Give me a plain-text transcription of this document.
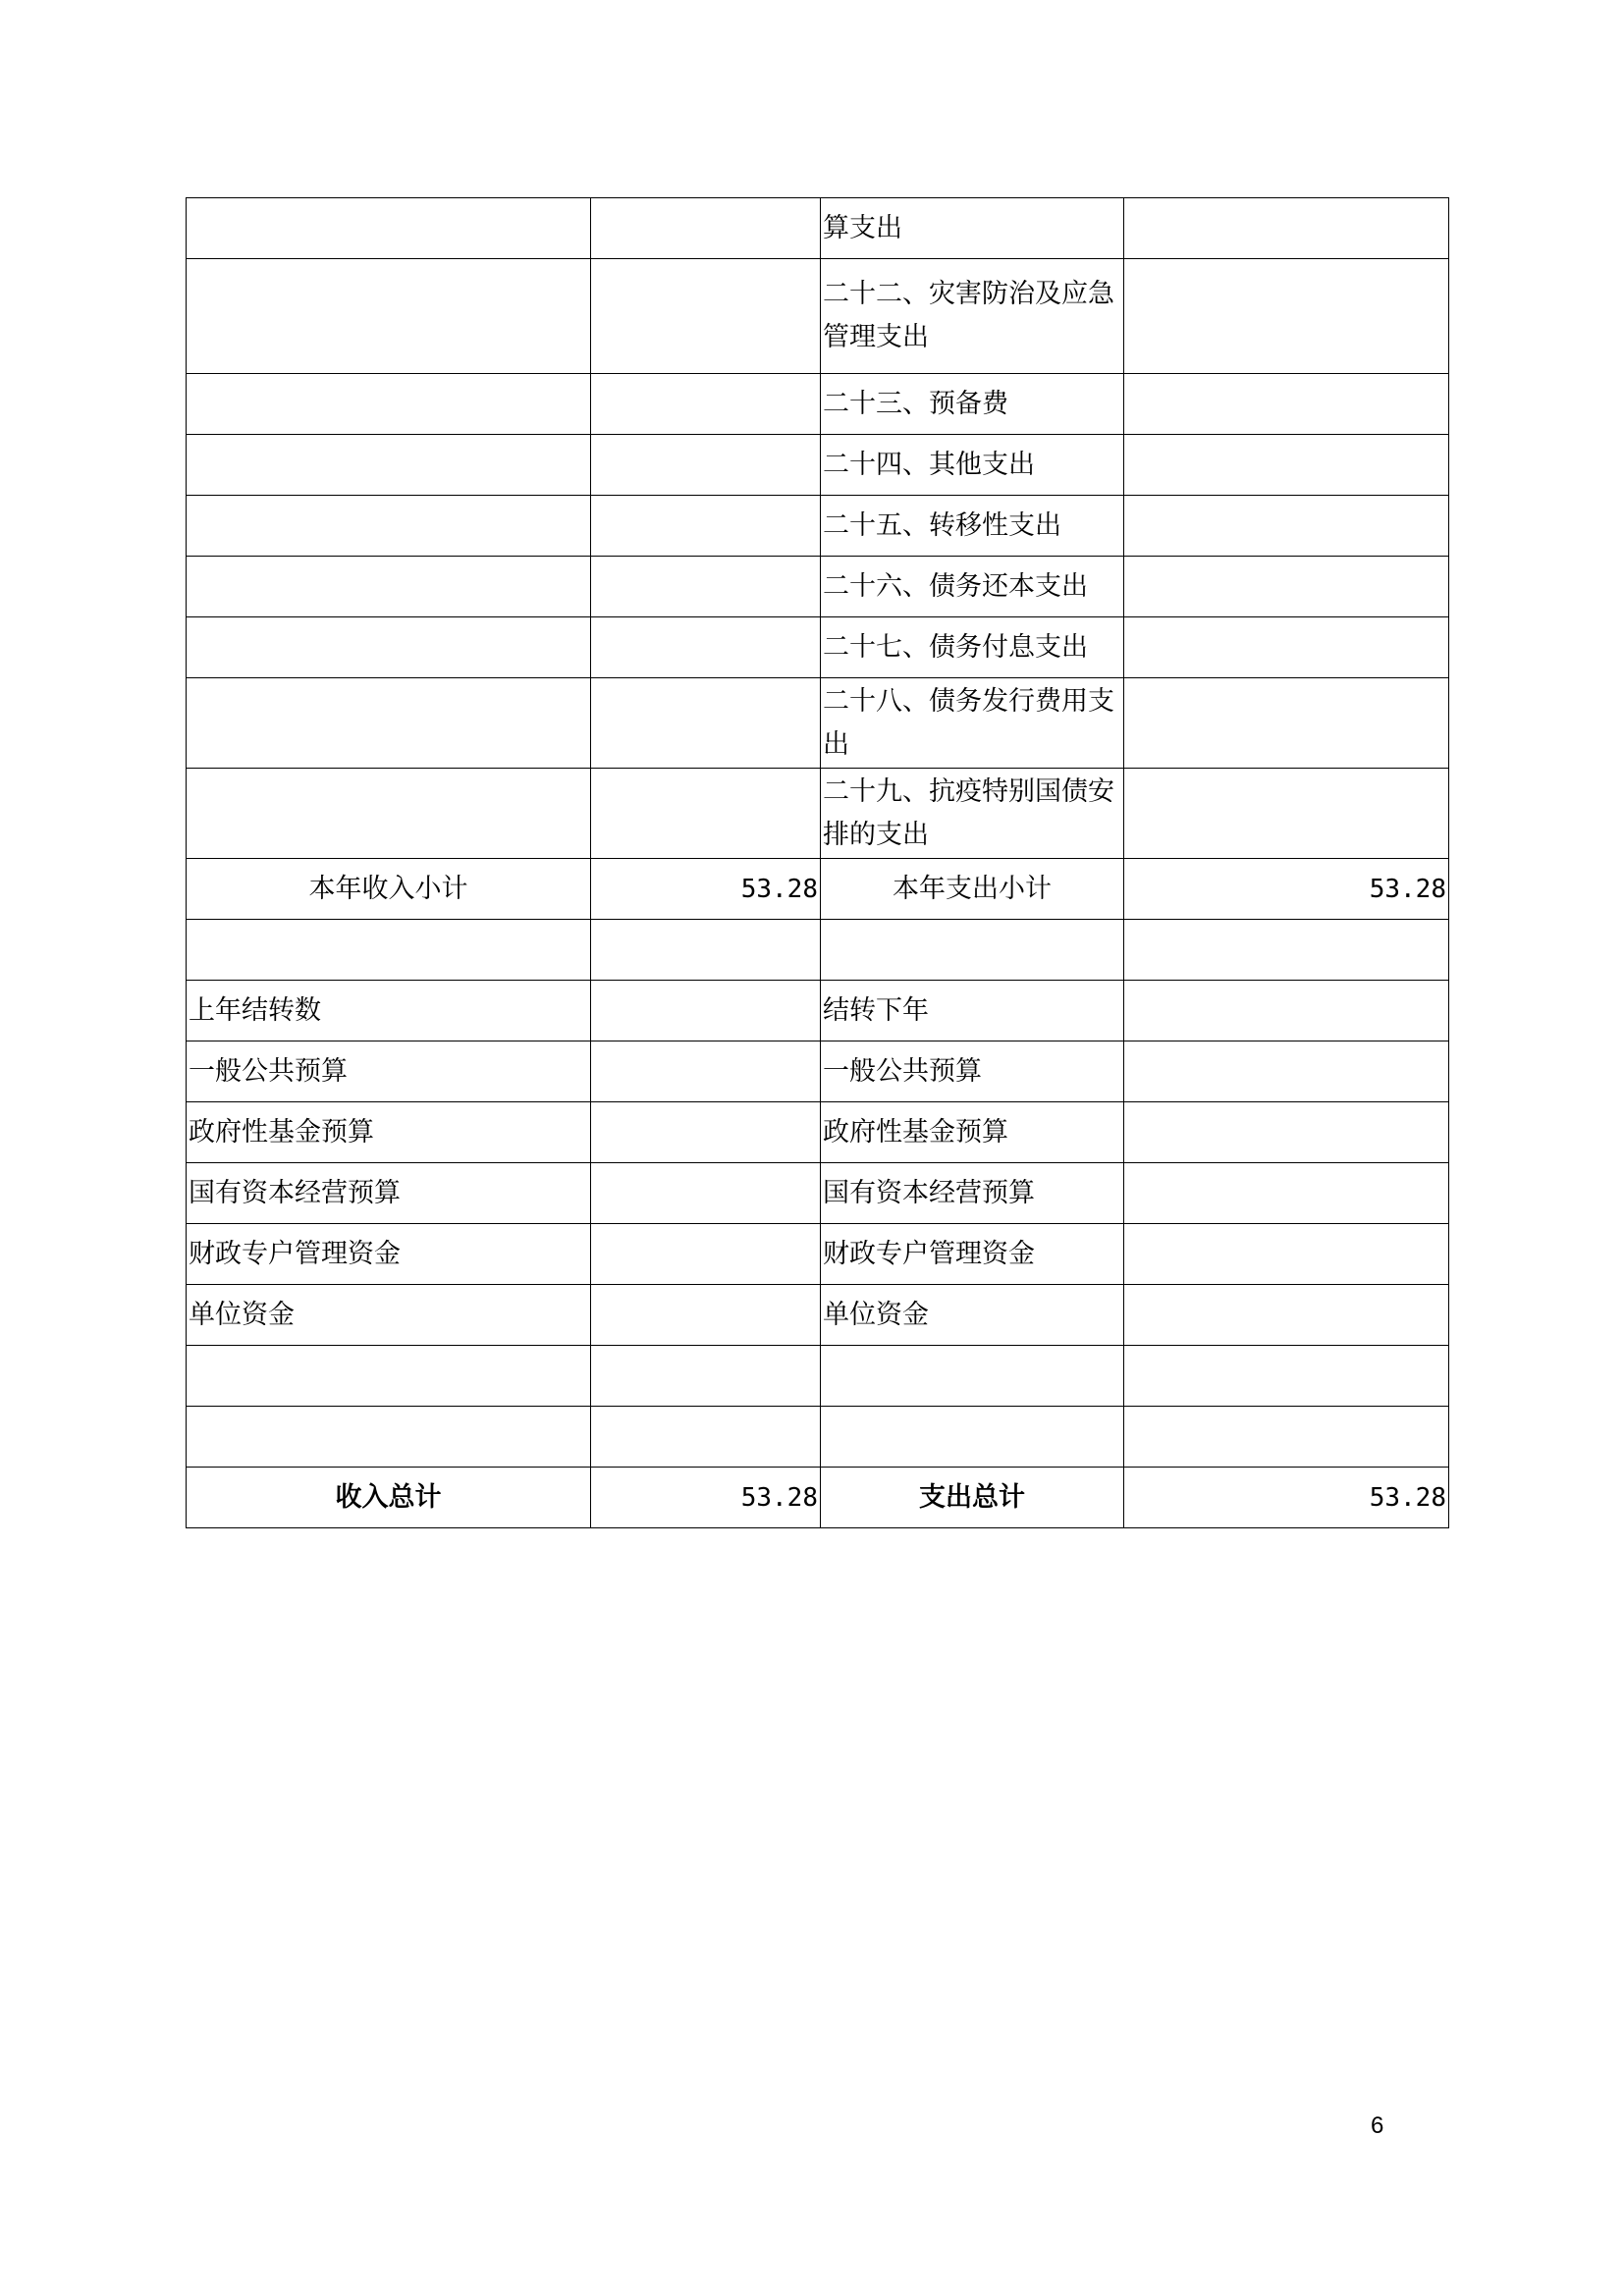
		算支出	
		二十二、灾害防治及应急管理支出	
		二十三、预备费	
		二十四、其他支出	
		二十五、转移性支出	
		二十六、债务还本支出	
		二十七、债务付息支出	
		二十八、债务发行费用支出	
		二十九、抗疫特别国债安排的支出	
本年收入小计	53.28	本年支出小计	53.28

上年结转数		结转下年	
一般公共预算		一般公共预算	
政府性基金预算		政府性基金预算	
国有资本经营预算		国有资本经营预算	
财政专户管理资金		财政专户管理资金	
单位资金		单位资金	

收入总计	53.28	支出总计	53.28
6
